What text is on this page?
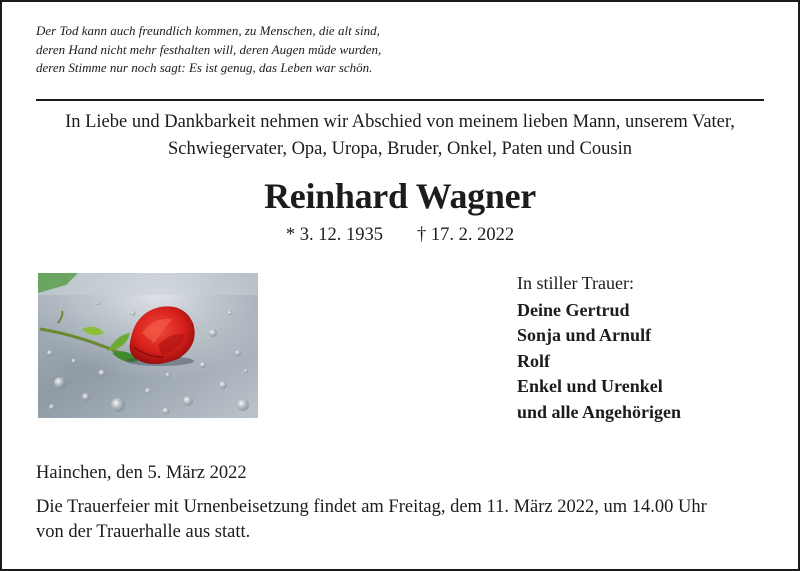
Der Tod kann auch freundlich kommen, zu Menschen, die alt sind,
deren Hand nicht mehr festhalten will, deren Augen müde wurden,
deren Stimme nur noch sagt: Es ist genug, das Leben war schön.
In Liebe und Dankbarkeit nehmen wir Abschied von meinem lieben Mann, unserem Vater,
Schwiegervater, Opa, Uropa, Bruder, Onkel, Paten und Cousin
Reinhard Wagner
* 3. 12. 1935 † 17. 2. 2022
In stiller Trauer:
Deine Gertrud
Sonja und Arnulf
Rolf
Enkel und Urenkel
und alle Angehörigen
Hainchen, den 5. März 2022
Die Trauerfeier mit Urnenbeisetzung findet am Freitag, dem 11. März 2022, um 14.00 Uhr
von der Trauerhalle aus statt.
